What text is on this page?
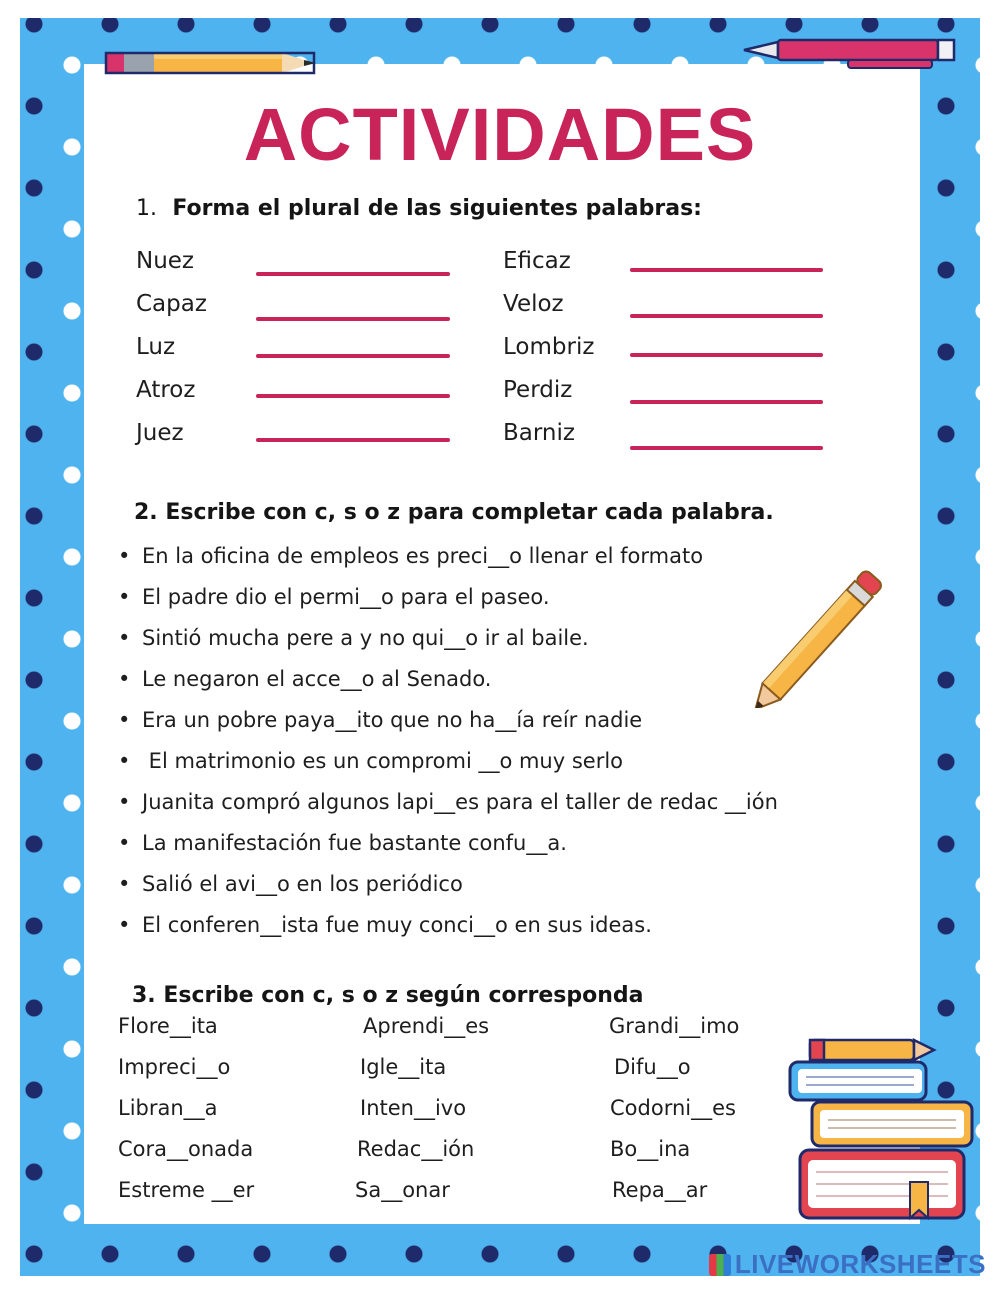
ACTIVIDADES
1. Forma el plural de las siguientes palabras:
Nuez
Capaz
Luz
Atroz
Juez
Eficaz
Veloz
Lombriz
Perdiz
Barniz
2. Escribe con c, s o z para completar cada palabra.
• En la oficina de empleos es preci__o llenar el formato
• El padre dio el permi__o para el paseo.
• Sintió mucha pere a y no qui__o ir al baile.
• Le negaron el acce__o al Senado.
• Era un pobre paya__ito que no ha__ía reír nadie
• El matrimonio es un compromi __o muy serlo
• Juanita compró algunos lapi__es para el taller de redac __ión
• La manifestación fue bastante confu__a.
• Salió el avi__o en los periódico
• El conferen__ista fue muy conci__o en sus ideas.
3. Escribe con c, s o z según corresponda
Flore__ita
Impreci__o
Libran__a
Cora__onada
Estreme __er
Aprendi__es
Igle__ita
Inten__ivo
Redac__ión
Sa__onar
Grandi__imo
Difu__o
Codorni__es
Bo__ina
Repa__ar
LIVEWORKSHEETS
